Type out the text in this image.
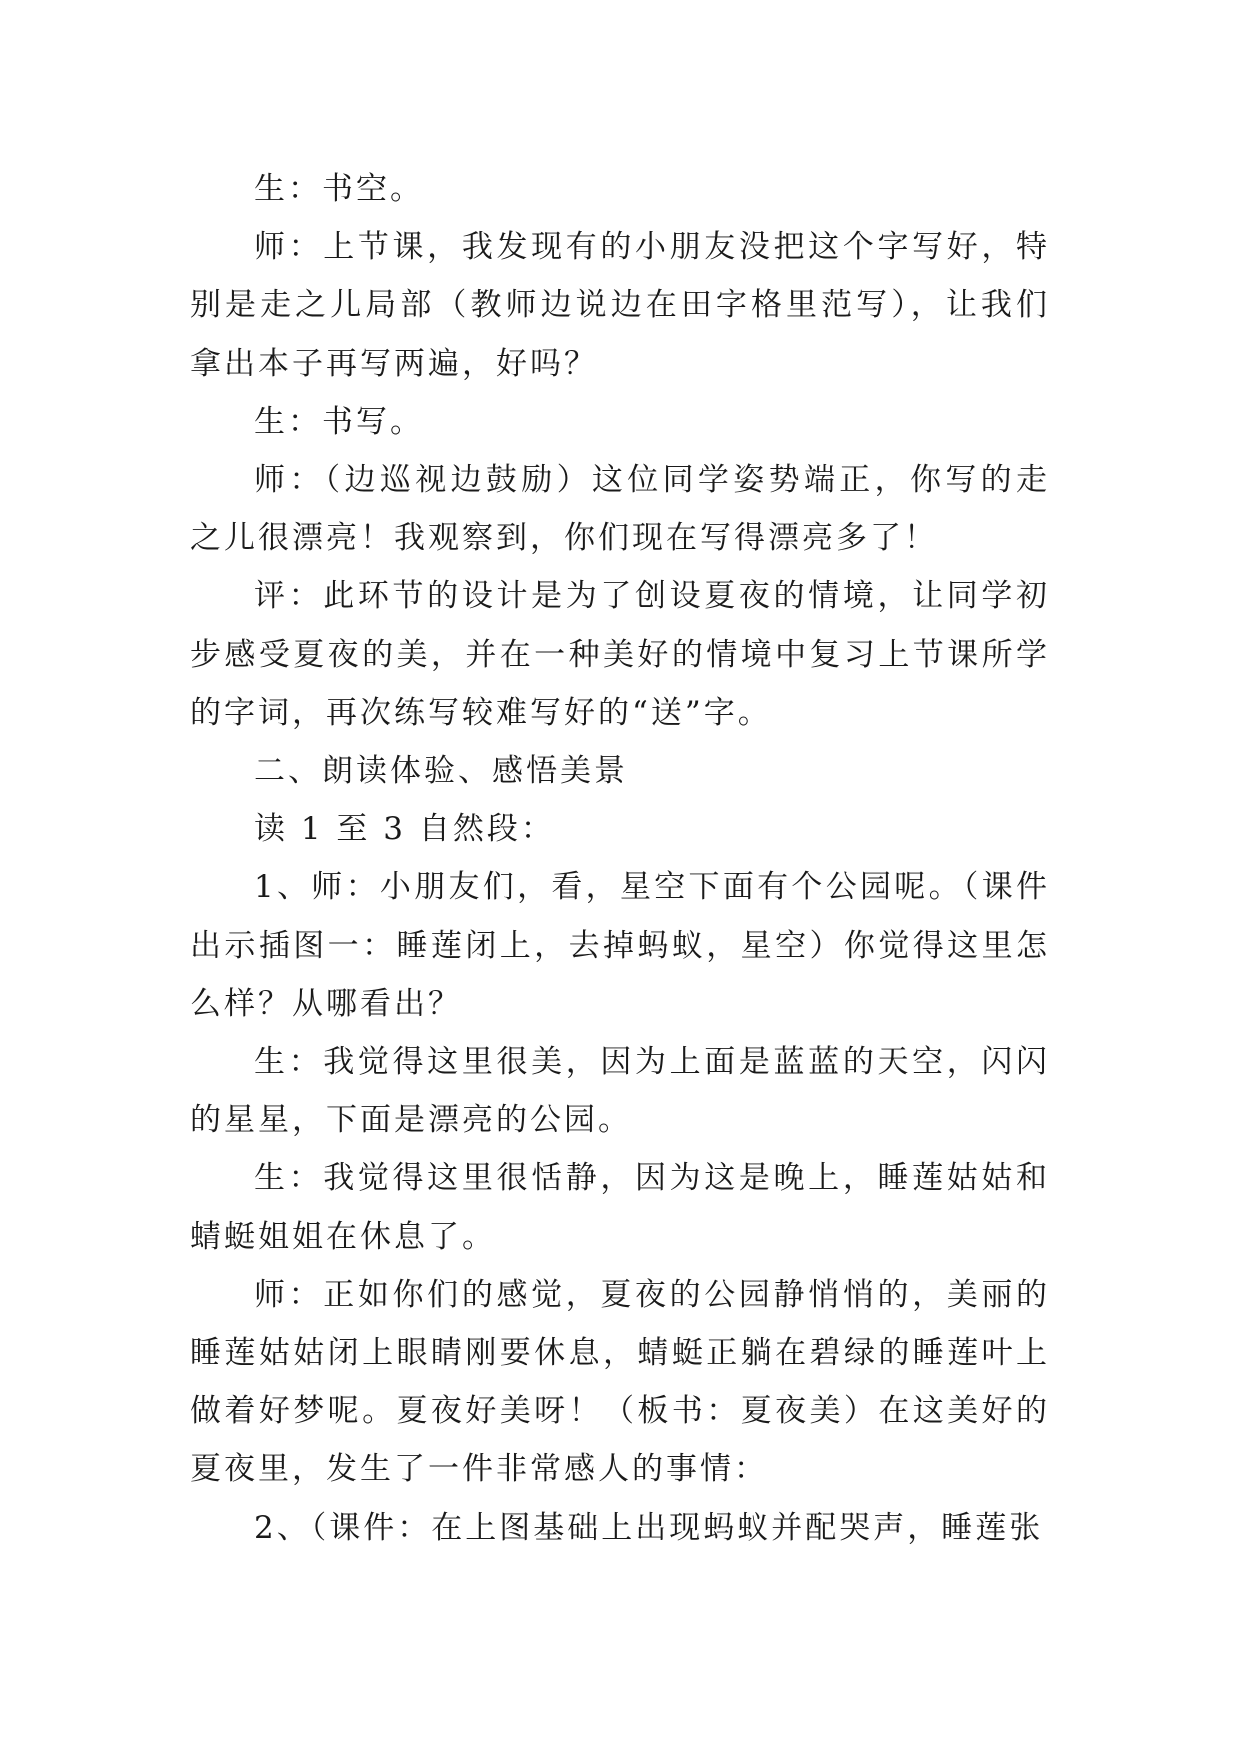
生：书空。

师：上节课，我发现有的小朋友没把这个字写好，特别是走之儿局部（教师边说边在田字格里范写），让我们拿出本子再写两遍，好吗？

生：书写。

师：（边巡视边鼓励）这位同学姿势端正，你写的走之儿很漂亮！我观察到，你们现在写得漂亮多了！

评：此环节的设计是为了创设夏夜的情境，让同学初步感受夏夜的美，并在一种美好的情境中复习上节课所学的字词，再次练写较难写好的“送”字。

二、朗读体验、感悟美景

读 1 至 3 自然段：

1、师：小朋友们，看，星空下面有个公园呢。（课件出示插图一：睡莲闭上，去掉蚂蚁，星空）你觉得这里怎么样？从哪看出？

生：我觉得这里很美，因为上面是蓝蓝的天空，闪闪的星星，下面是漂亮的公园。

生：我觉得这里很恬静，因为这是晚上，睡莲姑姑和蜻蜓姐姐在休息了。

师：正如你们的感觉，夏夜的公园静悄悄的，美丽的睡莲姑姑闭上眼睛刚要休息，蜻蜓正躺在碧绿的睡莲叶上做着好梦呢。夏夜好美呀！（板书：夏夜美）在这美好的夏夜里，发生了一件非常感人的事情：

2、（课件：在上图基础上出现蚂蚁并配哭声，睡莲张
